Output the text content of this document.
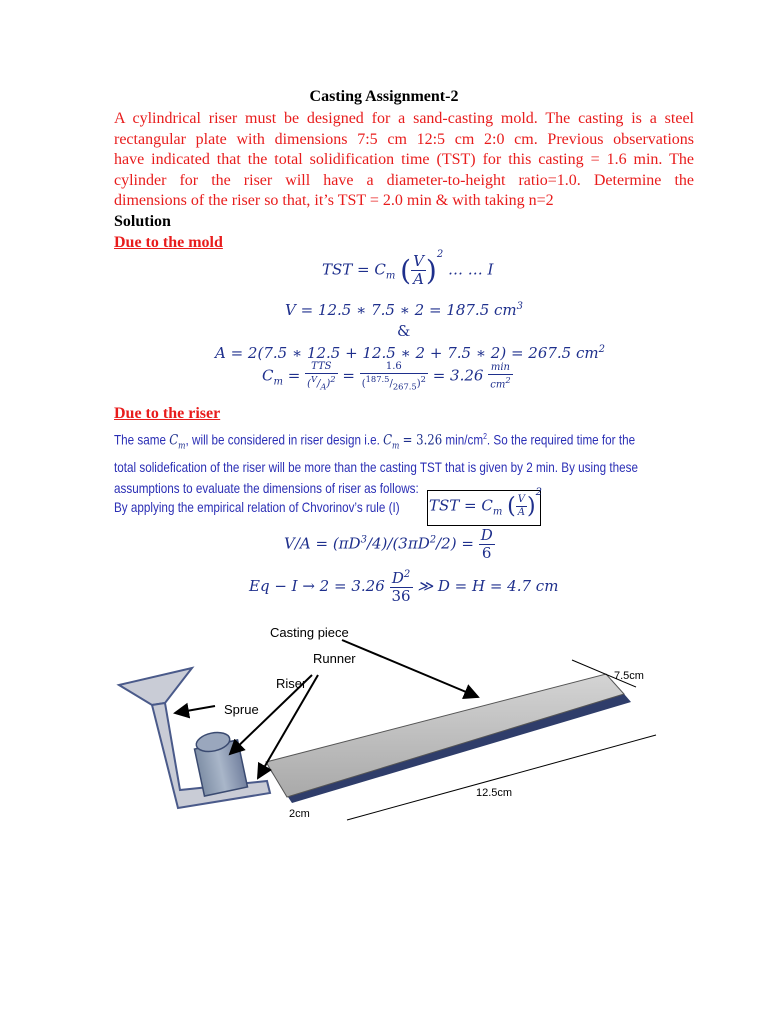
Casting Assignment-2
A cylindrical riser must be designed for a sand-casting mold. The casting is a steel
rectangular plate with dimensions 7:5 cm 12:5 cm 2:0 cm. Previous observations
have indicated that the total solidification time (TST) for this casting = 1.6 min. The
cylinder for the riser will have a diameter-to-height ratio=1.0. Determine the
dimensions of the riser so that, it’s TST = 2.0 min & with taking n=2
Solution
Due to the mold
TST = $C_m$ ( $\frac{V}{A} )^2$ … … I
V = 12.5 ∗ 7.5 ∗ 2 = 187.5 $cm^3$
&
A = 2(7.5 ∗ 12.5 + 12.5 ∗ 2 + 7.5 ∗ 2) = 267.5 $cm^2$
$C_m = \frac{\text{TTS}}{(^V/_A)^2} = \frac{1.6}{(^{187.5}/_{267.5})^2} = 3.26 \frac{\min}{cm^2}$
Due to the riser
The same $C_m$, will be considered in riser design i.e. $C_m = 3.26$ $\min/cm^2$. So the required time for the
total solidefication of the riser will be more than the casting TST that is given by 2 min. By using these
assumptions to evaluate the dimensions of riser as follows:
By applying the empirical relation of Chvorinov’s rule (I) TST = $C_m$ ( $\frac{V}{A} )^2$
$V/A = (\pi D^3/4)/(3\pi D^2/2) = \frac{D}{6}$
$Eq - I \to 2 = 3.26 \frac{D^2}{36}$ ≫ D = H = 4.7 cm
Casting piece
Runner
Riser
Sprue
7.5cm
12.5cm
2cm
